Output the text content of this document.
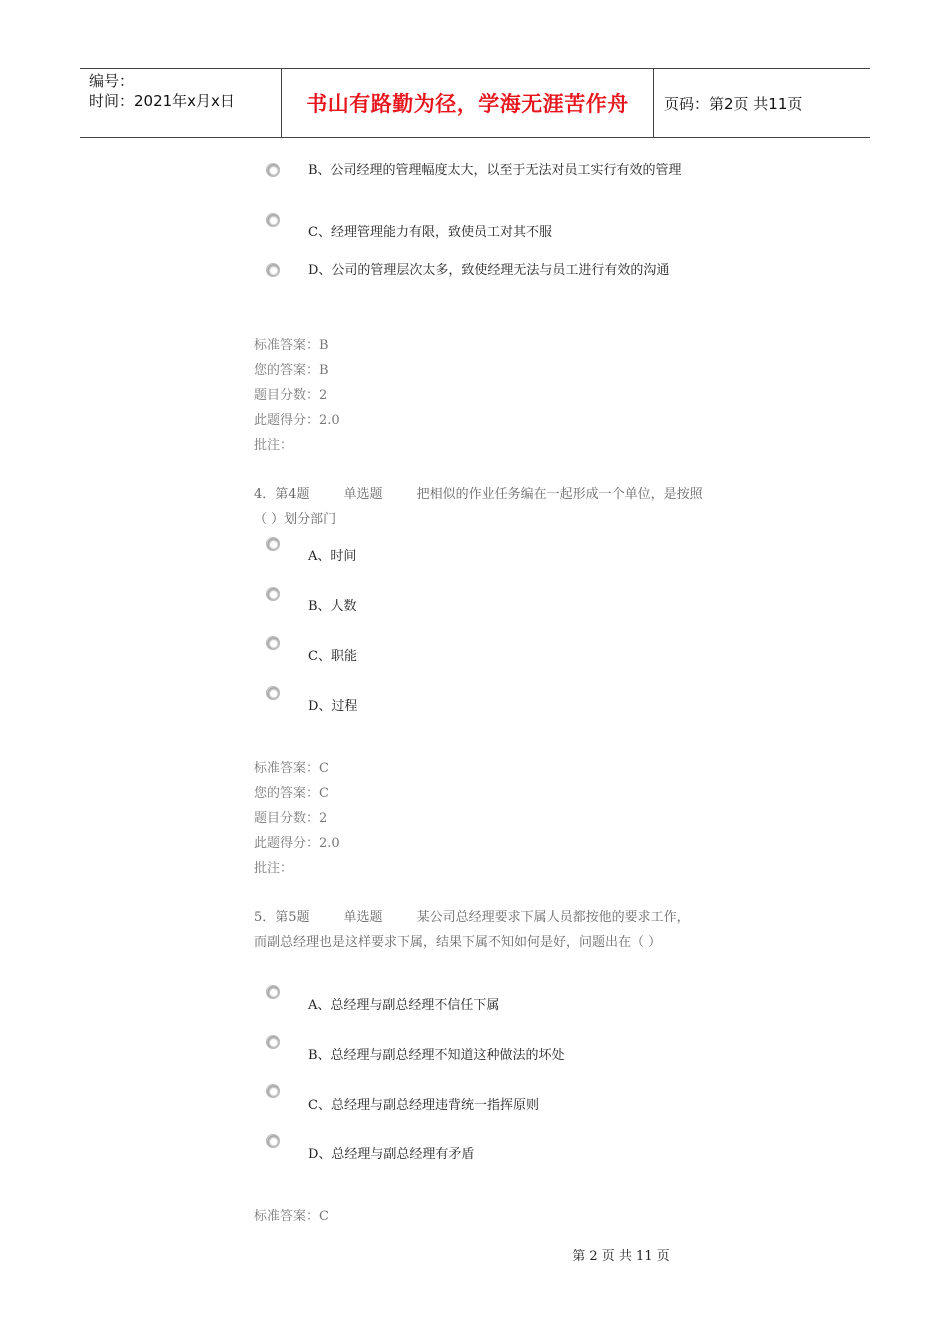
编号：
时间：2021年x月x日	书山有路勤为径，学海无涯苦作舟 页码：第2页 共11页
B、公司经理的管理幅度太大，以至于无法对员工实行有效的管理
C、经理管理能力有限，致使员工对其不服
D、公司的管理层次太多，致使经理无法与员工进行有效的沟通
标准答案：B
您的答案：B
题目分数：2
此题得分：2.0
批注：
4．第4题	单选题	把相似的作业任务编在一起形成一个单位，是按照（ ）划分部门
A、时间
B、人数
C、职能
D、过程
标准答案：C
您的答案：C
题目分数：2
此题得分：2.0
批注：
5．第5题	单选题	某公司总经理要求下属人员都按他的要求工作，而副总经理也是这样要求下属，结果下属不知如何是好，问题出在（ ）
A、总经理与副总经理不信任下属
B、总经理与副总经理不知道这种做法的坏处
C、总经理与副总经理违背统一指挥原则
D、总经理与副总经理有矛盾
标准答案：C
第 2 页 共 11 页
